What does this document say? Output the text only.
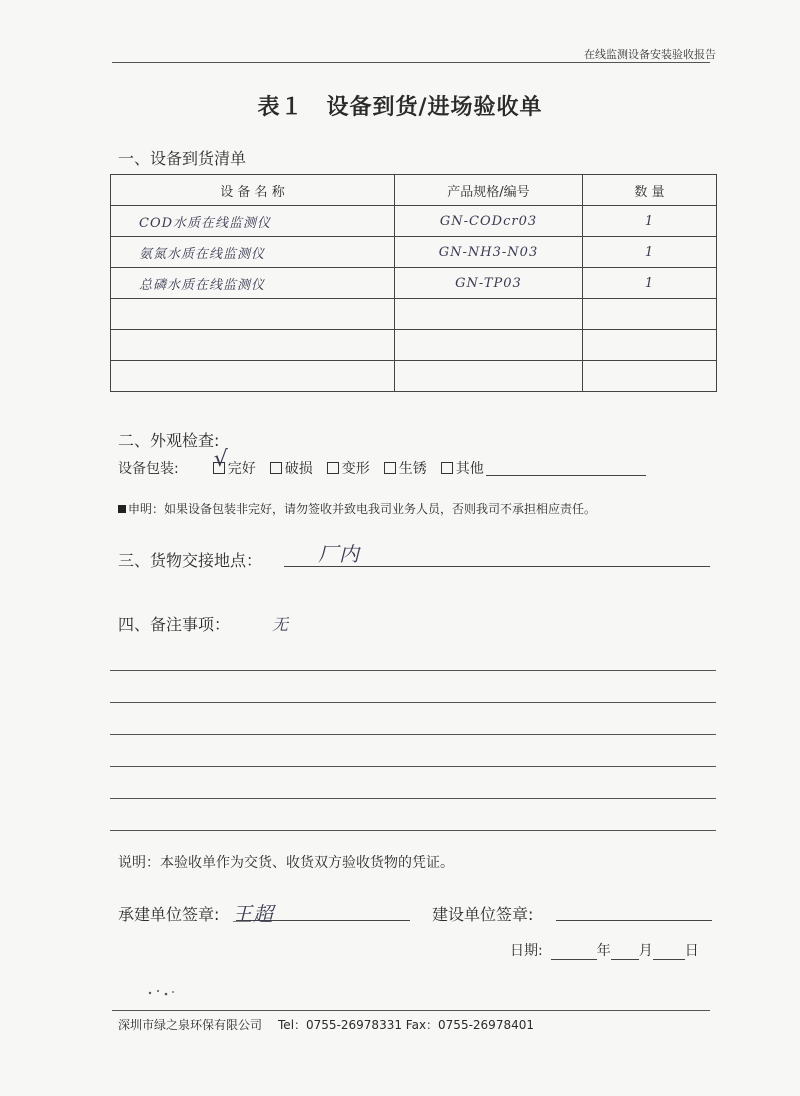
在线监测设备安装验收报告
表１　设备到货/进场验收单
一、设备到货清单
设 备 名 称	产品规格/编号	数 量
COD水质在线监测仪	GN-CODcr03	1
氨氮水质在线监测仪	GN-NH3-N03	1
总磷水质在线监测仪	GN-TP03	1

二、外观检查:
设备包装: √ 完好 破损 变形 生锈 其他
申明：如果设备包装非完好，请勿签收并致电我司业务人员，否则我司不承担相应责任。
三、货物交接地点：	厂内
四、备注事项：	无
说明：本验收单作为交货、收货双方验收货物的凭证。
承建单位签章: 王超	建设单位签章:
日期:	年 月 日
深圳市绿之泉环保有限公司 Tel：0755-26978331 Fax：0755-26978401
